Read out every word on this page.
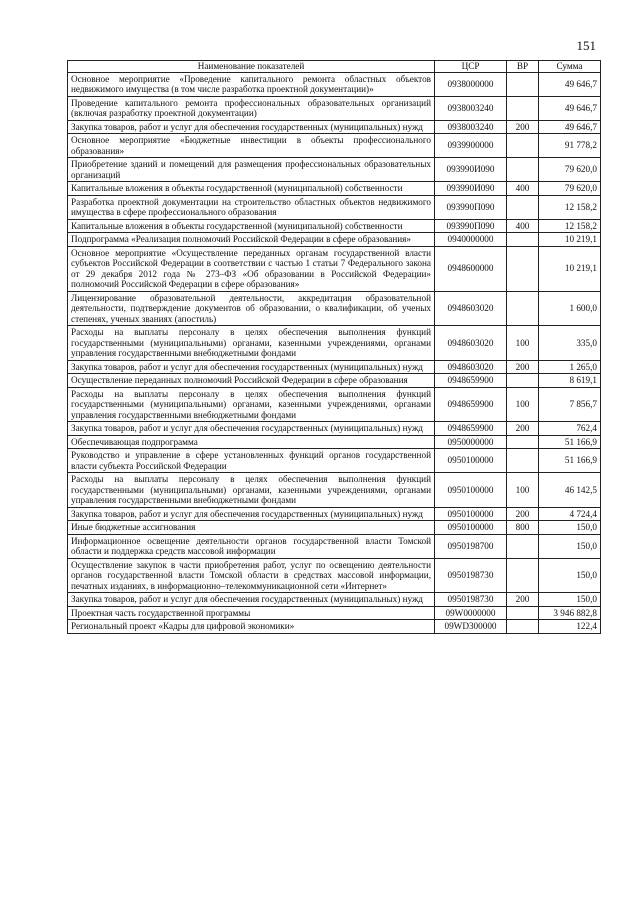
151
Наименование показателей	ЦСР	ВР	Сумма
Основное мероприятие «Проведение капитального ремонта областных объектов недвижимого имущества (в том числе разработка проектной документации)»	0938000000		49 646,7
Проведение капитального ремонта профессиональных образовательных организаций (включая разработку проектной документации)	0938003240		49 646,7
Закупка товаров, работ и услуг для обеспечения государственных (муниципальных) нужд	0938003240	200	49 646,7
Основное мероприятие «Бюджетные инвестиции в объекты профессионального образования»	0939900000		91 778,2
Приобретение зданий и помещений для размещения профессиональных образовательных организаций	093990И090		79 620,0
Капитальные вложения в объекты государственной (муниципальной) собственности	093990И090	400	79 620,0
Разработка проектной документации на строительство областных объектов недвижимого имущества в сфере профессионального образования	093990П090		12 158,2
Капитальные вложения в объекты государственной (муниципальной) собственности	093990П090	400	12 158,2
Подпрограмма «Реализация полномочий Российской Федерации в сфере образования»	0940000000		10 219,1
Основное мероприятие «Осуществление переданных органам государственной власти субъектов Российской Федерации в соответствии с частью 1 статьи 7 Федерального закона от 29 декабря 2012 года № 273–ФЗ «Об образовании в Российской Федерации» полномочий Российской Федерации в сфере образования»	0948600000		10 219,1
Лицензирование образовательной деятельности, аккредитация образовательной деятельности, подтверждение документов об образовании, о квалификации, об ученых степенях, ученых званиях (апостиль)	0948603020		1 600,0
Расходы на выплаты персоналу в целях обеспечения выполнения функций государственными (муниципальными) органами, казенными учреждениями, органами управления государственными внебюджетными фондами	0948603020	100	335,0
Закупка товаров, работ и услуг для обеспечения государственных (муниципальных) нужд	0948603020	200	1 265,0
Осуществление переданных полномочий Российской Федерации в сфере образования	0948659900		8 619,1
Расходы на выплаты персоналу в целях обеспечения выполнения функций государственными (муниципальными) органами, казенными учреждениями, органами управления государственными внебюджетными фондами	0948659900	100	7 856,7
Закупка товаров, работ и услуг для обеспечения государственных (муниципальных) нужд	0948659900	200	762,4
Обеспечивающая подпрограмма	0950000000		51 166,9
Руководство и управление в сфере установленных функций органов государственной власти субъекта Российской Федерации	0950100000		51 166,9
Расходы на выплаты персоналу в целях обеспечения выполнения функций государственными (муниципальными) органами, казенными учреждениями, органами управления государственными внебюджетными фондами	0950100000	100	46 142,5
Закупка товаров, работ и услуг для обеспечения государственных (муниципальных) нужд	0950100000	200	4 724,4
Иные бюджетные ассигнования	0950100000	800	150,0
Информационное освещение деятельности органов государственной власти Томской области и поддержка средств массовой информации	0950198700		150,0
Осуществление закупок в части приобретения работ, услуг по освещению деятельности органов государственной власти Томской области в средствах массовой информации, печатных изданиях, в информационно–телекоммуникационной сети «Интернет»	0950198730		150,0
Закупка товаров, работ и услуг для обеспечения государственных (муниципальных) нужд	0950198730	200	150,0
Проектная часть государственной программы	09W0000000		3 946 882,8
Региональный проект «Кадры для цифровой экономики»	09WD300000		122,4
